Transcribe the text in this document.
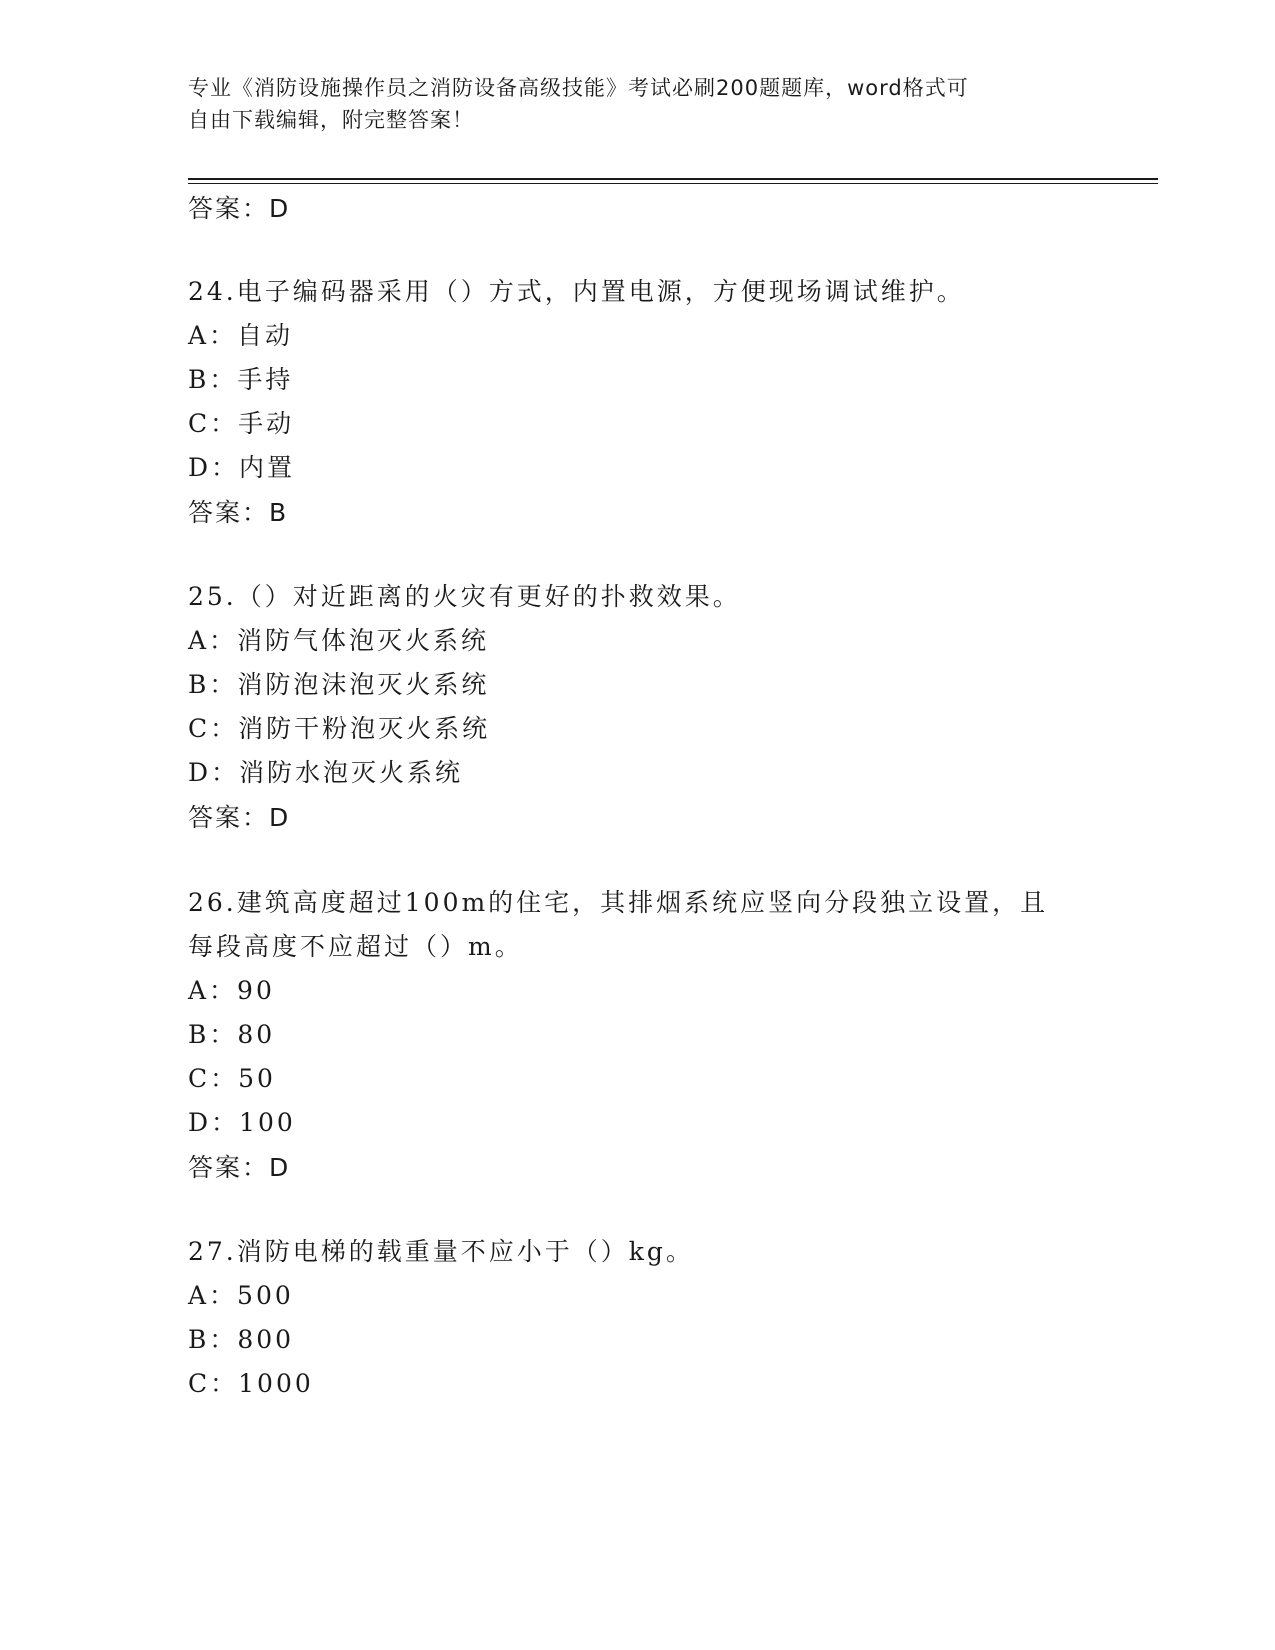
专业《消防设施操作员之消防设备高级技能》考试必刷200题题库，word格式可
自由下载编辑，附完整答案！
答案：D
24.电子编码器采用（）方式，内置电源，方便现场调试维护。
A：自动
B：手持
C：手动
D：内置
答案：B
25.（）对近距离的火灾有更好的扑救效果。
A：消防气体泡灭火系统
B：消防泡沫泡灭火系统
C：消防干粉泡灭火系统
D：消防水泡灭火系统
答案：D
26.建筑高度超过100m的住宅，其排烟系统应竖向分段独立设置，且
每段高度不应超过（）m。
A：90
B：80
C：50
D：100
答案：D
27.消防电梯的载重量不应小于（）kg。
A：500
B：800
C：1000
